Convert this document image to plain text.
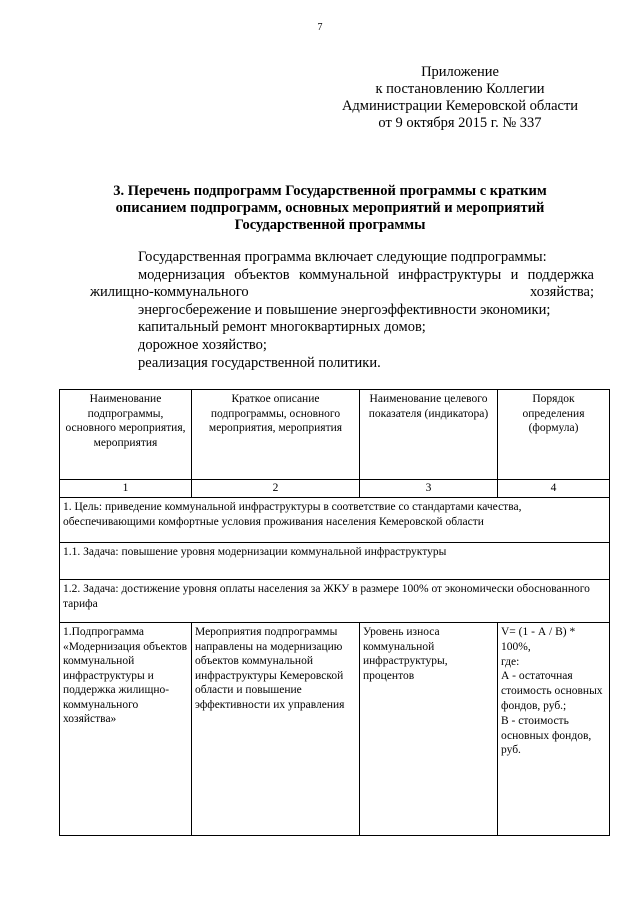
7
Приложение
к постановлению Коллегии
Администрации Кемеровской области
от 9 октября 2015 г. № 337
3. Перечень подпрограмм Государственной программы с кратким описанием подпрограмм, основных мероприятий и мероприятий Государственной программы

Государственная программа включает следующие подпрограммы:

модернизация объектов коммунальной инфраструктуры и поддержка жилищно-коммунального хозяйства;

энергосбережение и повышение энергоэффективности экономики;

капитальный ремонт многоквартирных домов;

дорожное хозяйство;

реализация государственной политики.

Наименование подпрограммы, основного мероприятия, мероприятия	Краткое описание подпрограммы, основного мероприятия, мероприятия	Наименование целевого показателя (индикатора)	Порядок определения (формула)
1	2	3	4
1. Цель: приведение коммунальной инфраструктуры в соответствие со стандартами качества, обеспечивающими комфортные условия проживания населения Кемеровской области			
1.1. Задача: повышение уровня модернизации коммунальной инфраструктуры			
1.2. Задача: достижение уровня оплаты населения за ЖКУ в размере 100% от экономически обоснованного тарифа			
1.Подпрограмма «Модернизация объектов коммунальной инфраструктуры и поддержка жилищно-коммунального хозяйства»	Мероприятия подпрограммы направлены на модернизацию объектов коммунальной инфраструктуры Кемеровской области и повышение эффективности их управления	Уровень износа коммунальной инфраструктуры, процентов	V= (1 - А / В) * 100%,
где:
А - остаточная стоимость основных фондов, руб.;
В - стоимость основных фондов, руб.
